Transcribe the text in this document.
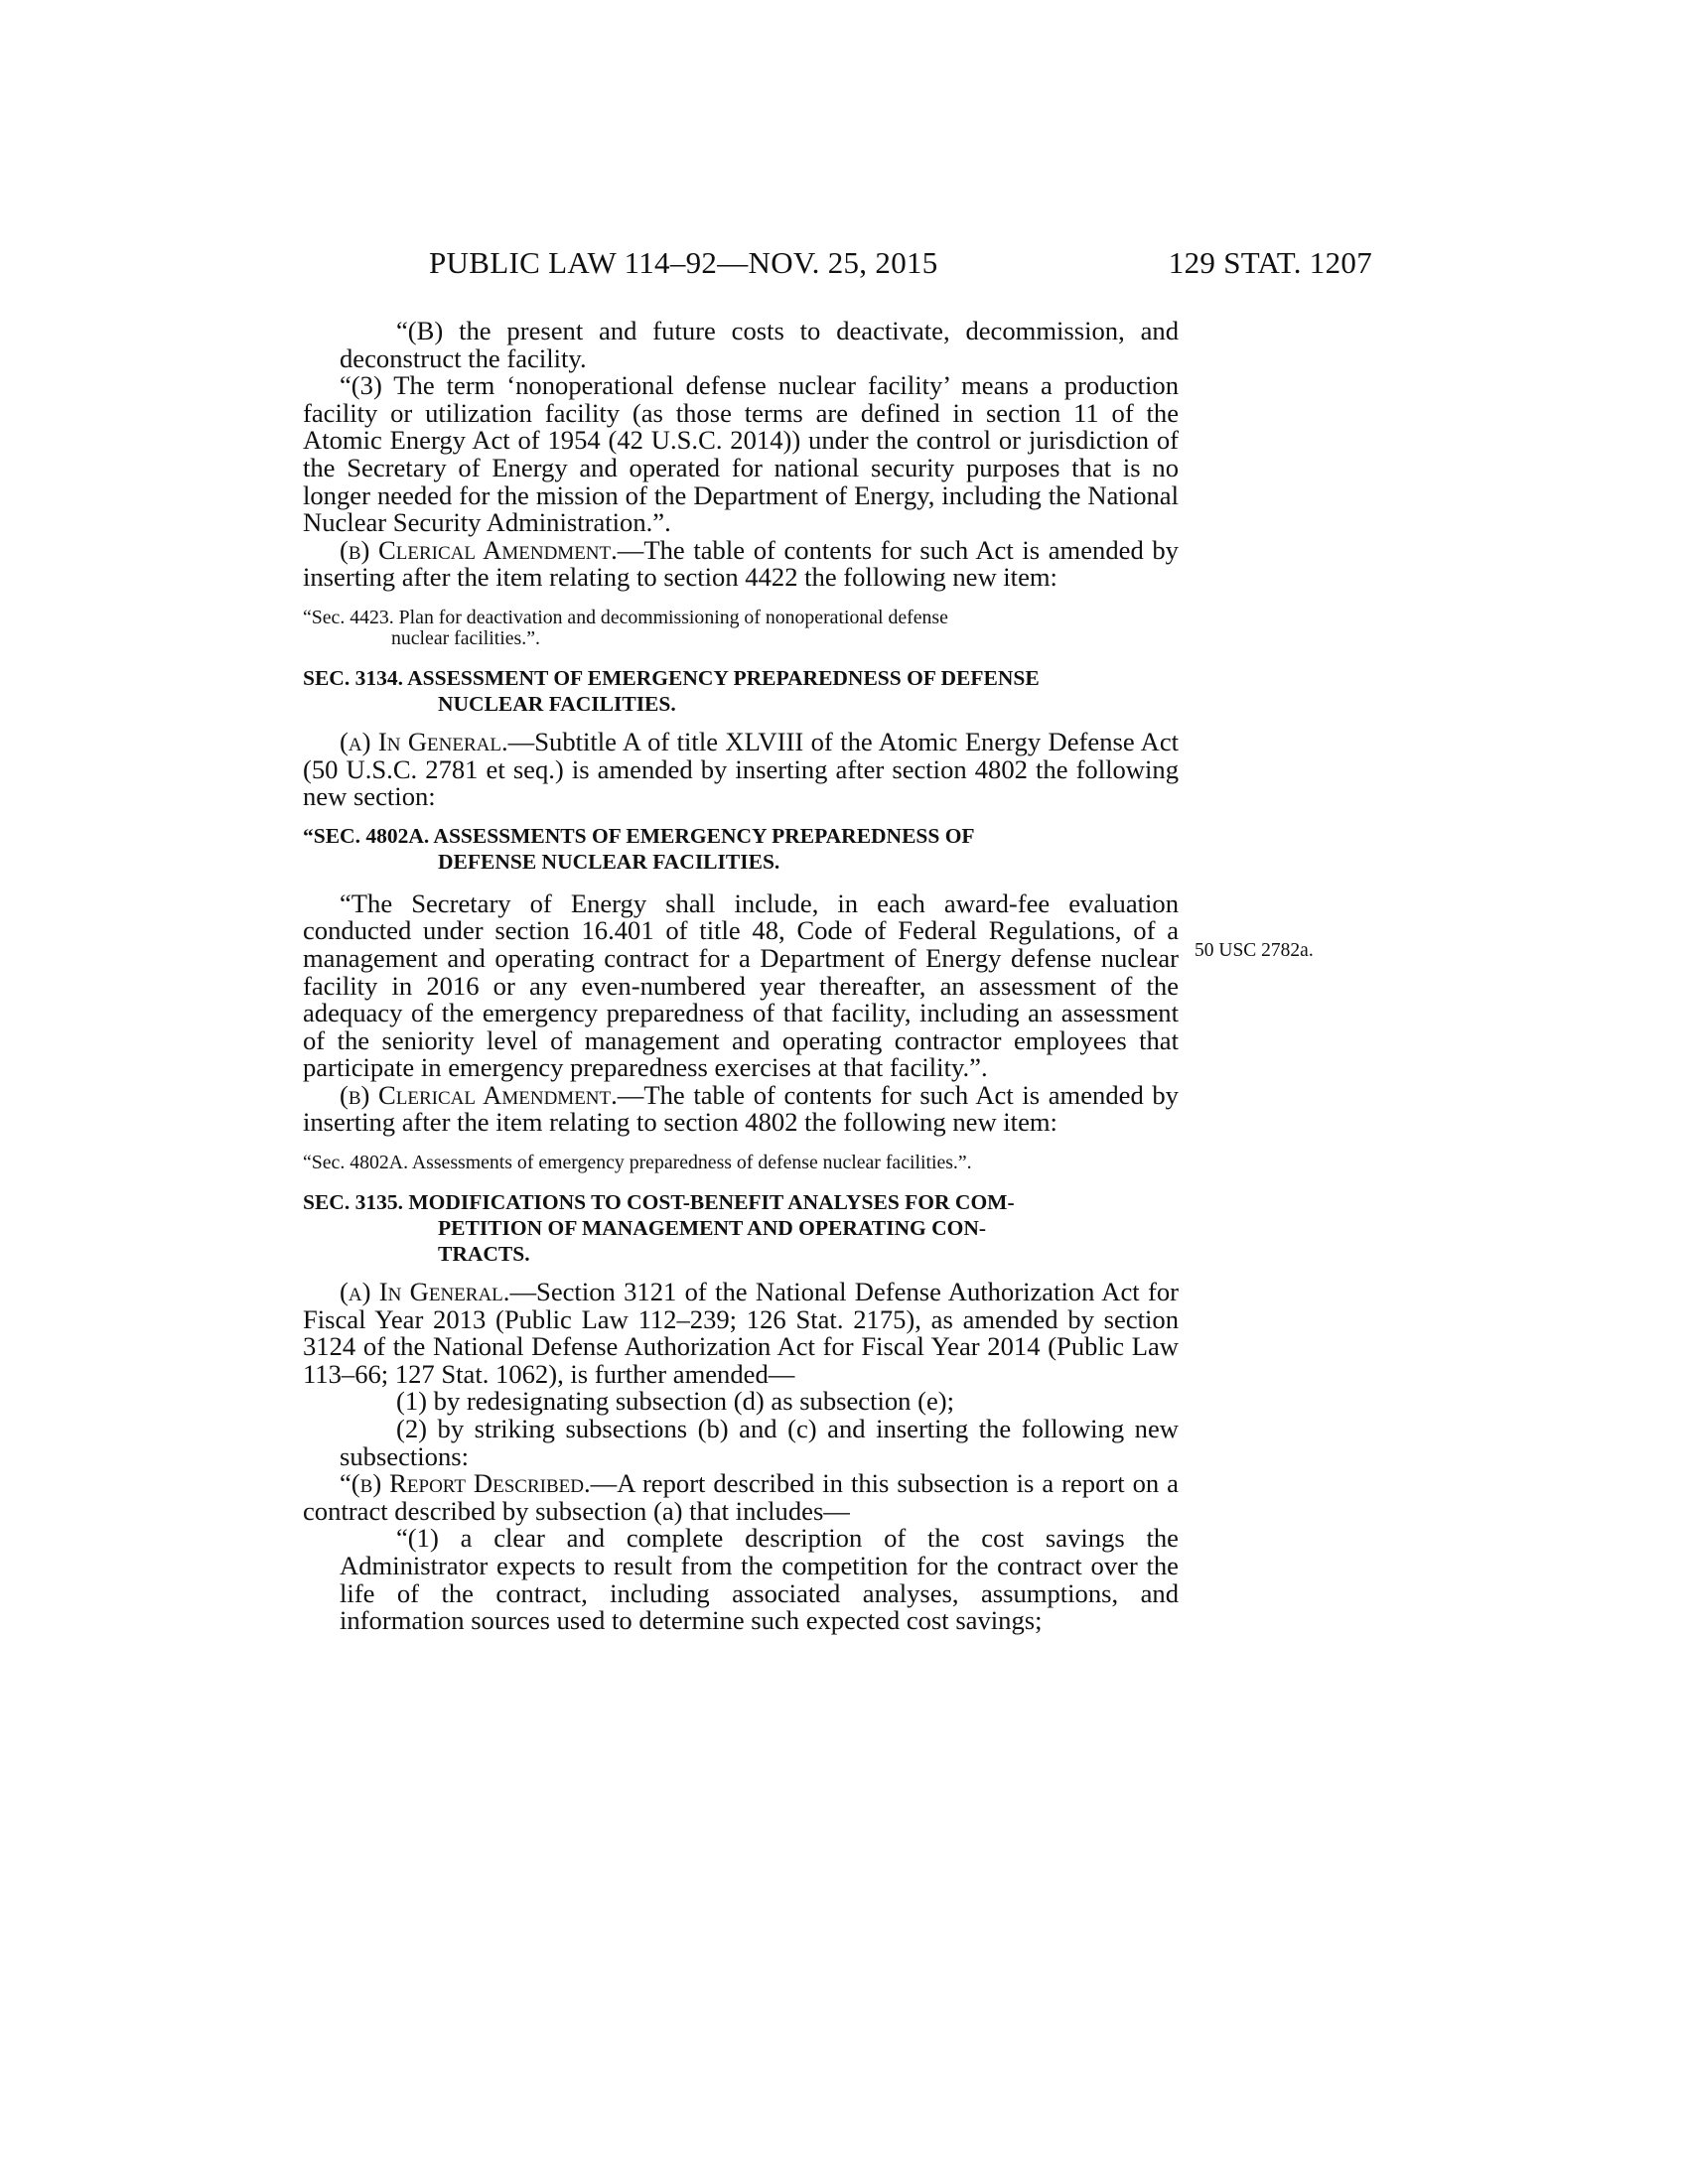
PUBLIC LAW 114–92—NOV. 25, 2015	129 STAT. 1207
50 USC 2782a.

“(B) the present and future costs to deactivate, decommission, and deconstruct the facility.

“(3) The term ‘nonoperational defense nuclear facility’ means a production facility or utilization facility (as those terms are defined in section 11 of the Atomic Energy Act of 1954 (42 U.S.C. 2014)) under the control or jurisdiction of the Secretary of Energy and operated for national security purposes that is no longer needed for the mission of the Department of Energy, including the National Nuclear Security Administration.”.

(b) Clerical Amendment.—The table of contents for such Act is amended by inserting after the item relating to section 4422 the following new item:

“Sec. 4423. Plan for deactivation and decommissioning of nonoperational defense
nuclear facilities.”.

SEC. 3134. ASSESSMENT OF EMERGENCY PREPAREDNESS OF DEFENSE
NUCLEAR FACILITIES.

(a) In General.—Subtitle A of title XLVIII of the Atomic Energy Defense Act (50 U.S.C. 2781 et seq.) is amended by inserting after section 4802 the following new section:

“SEC. 4802A. ASSESSMENTS OF EMERGENCY PREPAREDNESS OF
DEFENSE NUCLEAR FACILITIES.

“The Secretary of Energy shall include, in each award-fee evaluation conducted under section 16.401 of title 48, Code of Federal Regulations, of a management and operating contract for a Department of Energy defense nuclear facility in 2016 or any even-numbered year thereafter, an assessment of the adequacy of the emergency preparedness of that facility, including an assessment of the seniority level of management and operating contractor employees that participate in emergency preparedness exercises at that facility.”.

(b) Clerical Amendment.—The table of contents for such Act is amended by inserting after the item relating to section 4802 the following new item:

“Sec. 4802A. Assessments of emergency preparedness of defense nuclear facilities.”.

SEC. 3135. MODIFICATIONS TO COST-BENEFIT ANALYSES FOR COM-
PETITION OF MANAGEMENT AND OPERATING CON-
TRACTS.

(a) In General.—Section 3121 of the National Defense Authorization Act for Fiscal Year 2013 (Public Law 112–239; 126 Stat. 2175), as amended by section 3124 of the National Defense Authorization Act for Fiscal Year 2014 (Public Law 113–66; 127 Stat. 1062), is further amended—

(1) by redesignating subsection (d) as subsection (e);

(2) by striking subsections (b) and (c) and inserting the following new subsections:

“(b) Report Described.—A report described in this subsection is a report on a contract described by subsection (a) that includes—

“(1) a clear and complete description of the cost savings the Administrator expects to result from the competition for the contract over the life of the contract, including associated analyses, assumptions, and information sources used to determine such expected cost savings;
